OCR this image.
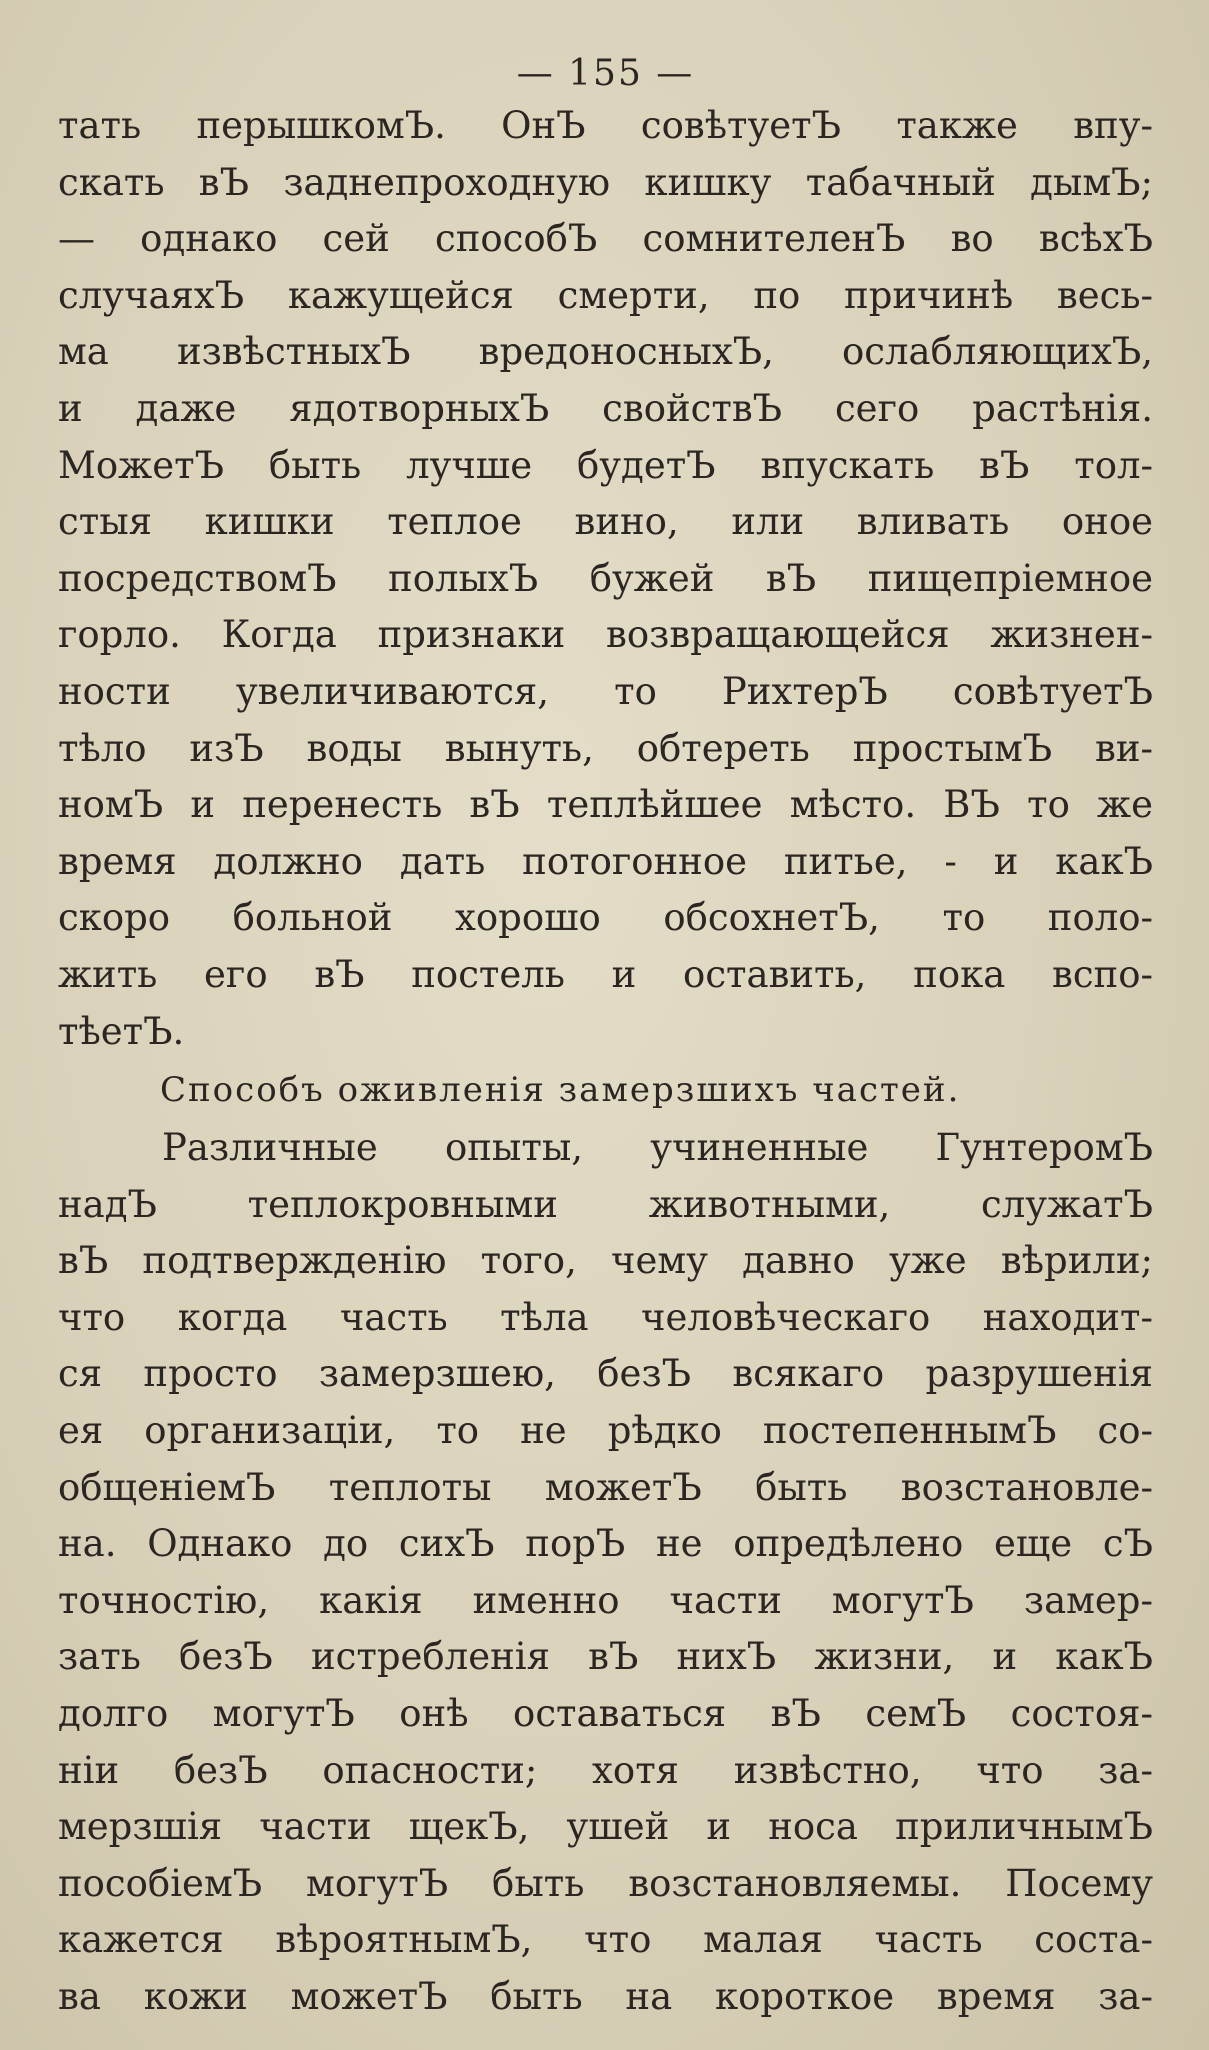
— 155 —
тать перышкомЪ. ОнЪ совѣтуетЪ также впу-
скать вЪ заднепроходную кишку табачный дымЪ;
— однако сей способЪ сомнителенЪ во всѣхЪ
случаяхЪ кажущейся смерти, по причинѣ весь-
ма извѣстныхЪ вредоносныхЪ, ослабляющихЪ,
и даже ядотворныхЪ свойствЪ сего растѣнія.
МожетЪ быть лучше будетЪ впускать вЪ тол-
стыя кишки теплое вино, или вливать оное
посредствомЪ полыхЪ бужей вЪ пищепріемное
горло. Когда признаки возвращающейся жизнен-
ности увеличиваются, то РихтерЪ совѣтуетЪ
тѣло изЪ воды вынуть, обтереть простымЪ ви-
номЪ и перенесть вЪ теплѣйшее мѣсто. ВЪ то же
время должно дать потогонное питье, - и какЪ
скоро больной хорошо обсохнетЪ, то поло-
жить его вЪ постель и оставить, пока вспо-
тѣетЪ.
Способъ оживленія замерзшихъ частей.
Различные опыты, учиненные ГунтеромЪ
надЪ теплокровными животными, служатЪ
вЪ подтвержденію того, чему давно уже вѣрили;
что когда часть тѣла человѣческаго находит-
ся просто замерзшею, безЪ всякаго разрушенія
ея организаціи, то не рѣдко постепеннымЪ со-
общеніемЪ теплоты можетЪ быть возстановле-
на. Однако до сихЪ порЪ не опредѣлено еще сЪ
точностію, какія именно части могутЪ замер-
зать безЪ истребленія вЪ нихЪ жизни, и какЪ
долго могутЪ онѣ оставаться вЪ семЪ состоя-
ніи безЪ опасности; хотя извѣстно, что за-
мерзшія части щекЪ, ушей и носа приличнымЪ
пособіемЪ могутЪ быть возстановляемы. Посему
кажется вѣроятнымЪ, что малая часть соста-
ва кожи можетЪ быть на короткое время за-
